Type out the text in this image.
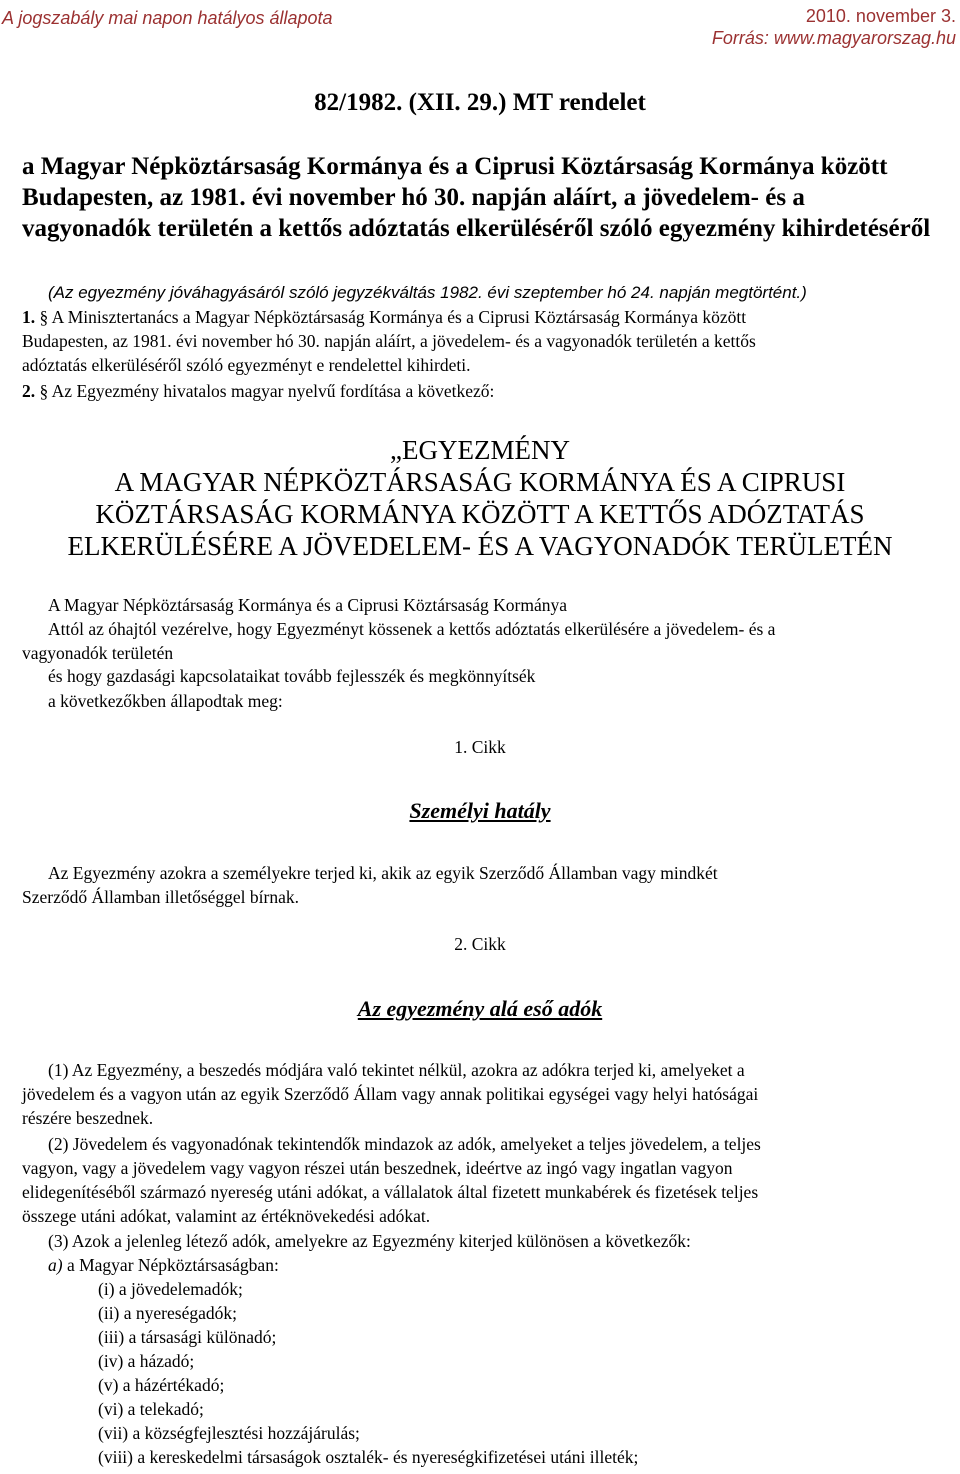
A jogszabály mai napon hatályos állapota	2010. november 3.
Forrás: www.magyarorszag.hu
82/1982. (XII. 29.) MT rendelet
a Magyar Népköztársaság Kormánya és a Ciprusi Köztársaság Kormánya között
Budapesten, az 1981. évi november hó 30. napján aláírt, a jövedelem- és a
vagyonadók területén a kettős adóztatás elkerüléséről szóló egyezmény kihirdetéséről
(Az egyezmény jóváhagyásáról szóló jegyzékváltás 1982. évi szeptember hó 24. napján megtörtént.)
1. § A Minisztertanács a Magyar Népköztársaság Kormánya és a Ciprusi Köztársaság Kormánya között
Budapesten, az 1981. évi november hó 30. napján aláírt, a jövedelem- és a vagyonadók területén a kettős
adóztatás elkerüléséről szóló egyezményt e rendelettel kihirdeti.
2. § Az Egyezmény hivatalos magyar nyelvű fordítása a következő:
„EGYEZMÉNY
A MAGYAR NÉPKÖZTÁRSASÁG KORMÁNYA ÉS A CIPRUSI
KÖZTÁRSASÁG KORMÁNYA KÖZÖTT A KETTŐS ADÓZTATÁS
ELKERÜLÉSÉRE A JÖVEDELEM- ÉS A VAGYONADÓK TERÜLETÉN
A Magyar Népköztársaság Kormánya és a Ciprusi Köztársaság Kormánya
Attól az óhajtól vezérelve, hogy Egyezményt kössenek a kettős adóztatás elkerülésére a jövedelem- és a
vagyonadók területén
és hogy gazdasági kapcsolataikat tovább fejlesszék és megkönnyítsék
a következőkben állapodtak meg:
1. Cikk
Személyi hatály
Az Egyezmény azokra a személyekre terjed ki, akik az egyik Szerződő Államban vagy mindkét
Szerződő Államban illetőséggel bírnak.
2. Cikk
Az egyezmény alá eső adók
(1) Az Egyezmény, a beszedés módjára való tekintet nélkül, azokra az adókra terjed ki, amelyeket a
jövedelem és a vagyon után az egyik Szerződő Állam vagy annak politikai egységei vagy helyi hatóságai
részére beszednek.
(2) Jövedelem és vagyonadónak tekintendők mindazok az adók, amelyeket a teljes jövedelem, a teljes
vagyon, vagy a jövedelem vagy vagyon részei után beszednek, ideértve az ingó vagy ingatlan vagyon
elidegenítéséből származó nyereség utáni adókat, a vállalatok által fizetett munkabérek és fizetések teljes
összege utáni adókat, valamint az értéknövekedési adókat.
(3) Azok a jelenleg létező adók, amelyekre az Egyezmény kiterjed különösen a következők:
a) a Magyar Népköztársaságban:
(i) a jövedelemadók;
(ii) a nyereségadók;
(iii) a társasági különadó;
(iv) a házadó;
(v) a házértékadó;
(vi) a telekadó;
(vii) a községfejlesztési hozzájárulás;
(viii) a kereskedelmi társaságok osztalék- és nyereségkifizetései utáni illeték;
